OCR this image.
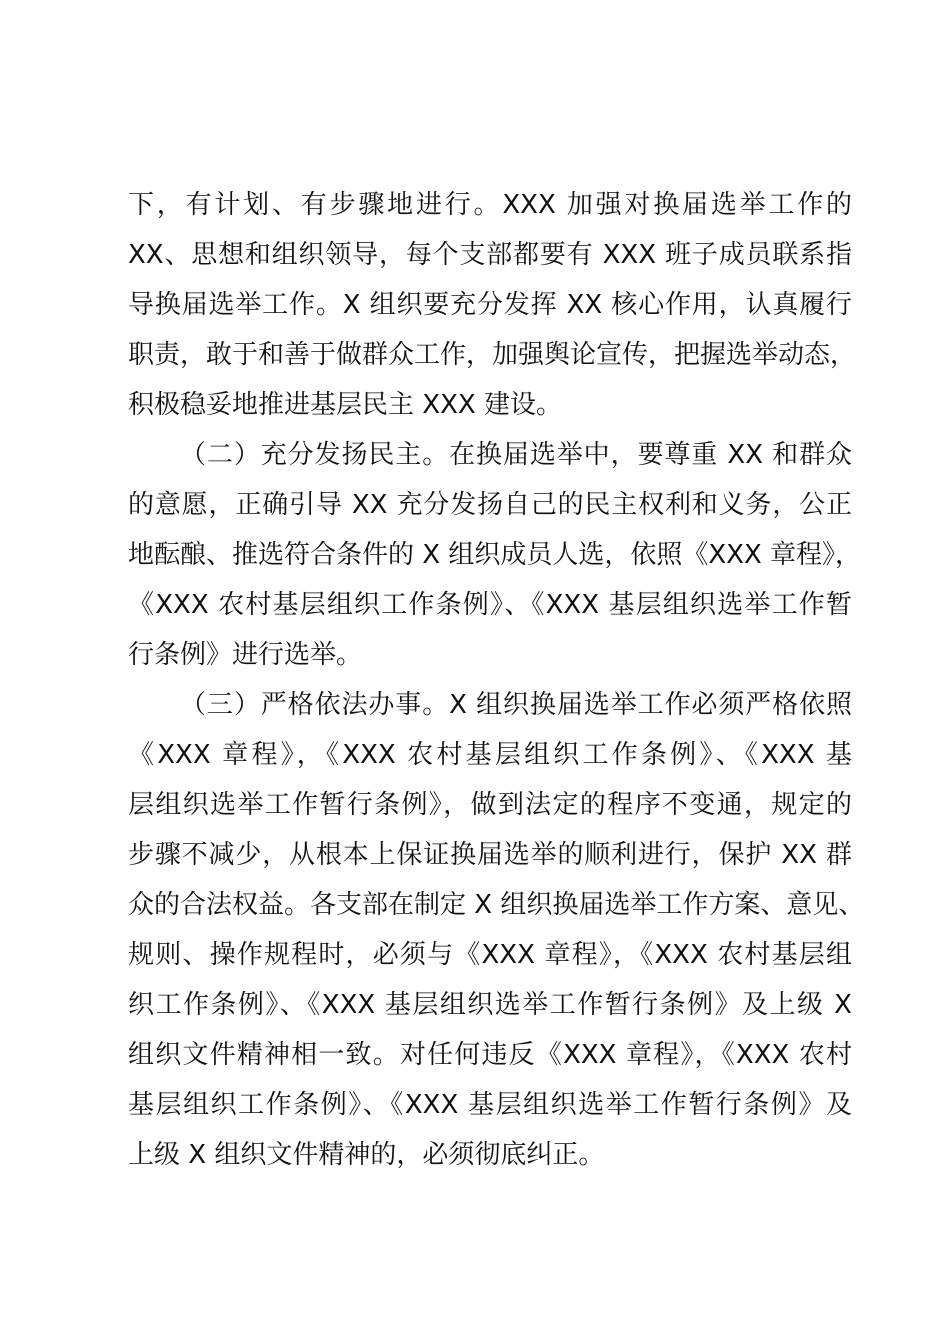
下，有计划、有步骤地进行。XXX 加强对换届选举工作的
XX、思想和组织领导，每个支部都要有 XXX 班子成员联系指
导换届选举工作。X 组织要充分发挥 XX 核心作用，认真履行
职责，敢于和善于做群众工作，加强舆论宣传，把握选举动态，
积极稳妥地推进基层民主 XXX 建设。
（二）充分发扬民主。在换届选举中，要尊重 XX 和群众
的意愿，正确引导 XX 充分发扬自己的民主权利和义务，公正
地酝酿、推选符合条件的 X 组织成员人选，依照《XXX 章程》，
《XXX 农村基层组织工作条例》、《XXX 基层组织选举工作暂
行条例》进行选举。
（三）严格依法办事。X 组织换届选举工作必须严格依照
《XXX 章程》，《XXX 农村基层组织工作条例》、《XXX 基
层组织选举工作暂行条例》，做到法定的程序不变通，规定的
步骤不减少，从根本上保证换届选举的顺利进行，保护 XX 群
众的合法权益。各支部在制定 X 组织换届选举工作方案、意见、
规则、操作规程时，必须与《XXX 章程》，《XXX 农村基层组
织工作条例》、《XXX 基层组织选举工作暂行条例》及上级 X
组织文件精神相一致。对任何违反《XXX 章程》，《XXX 农村
基层组织工作条例》、《XXX 基层组织选举工作暂行条例》及
上级 X 组织文件精神的，必须彻底纠正。
